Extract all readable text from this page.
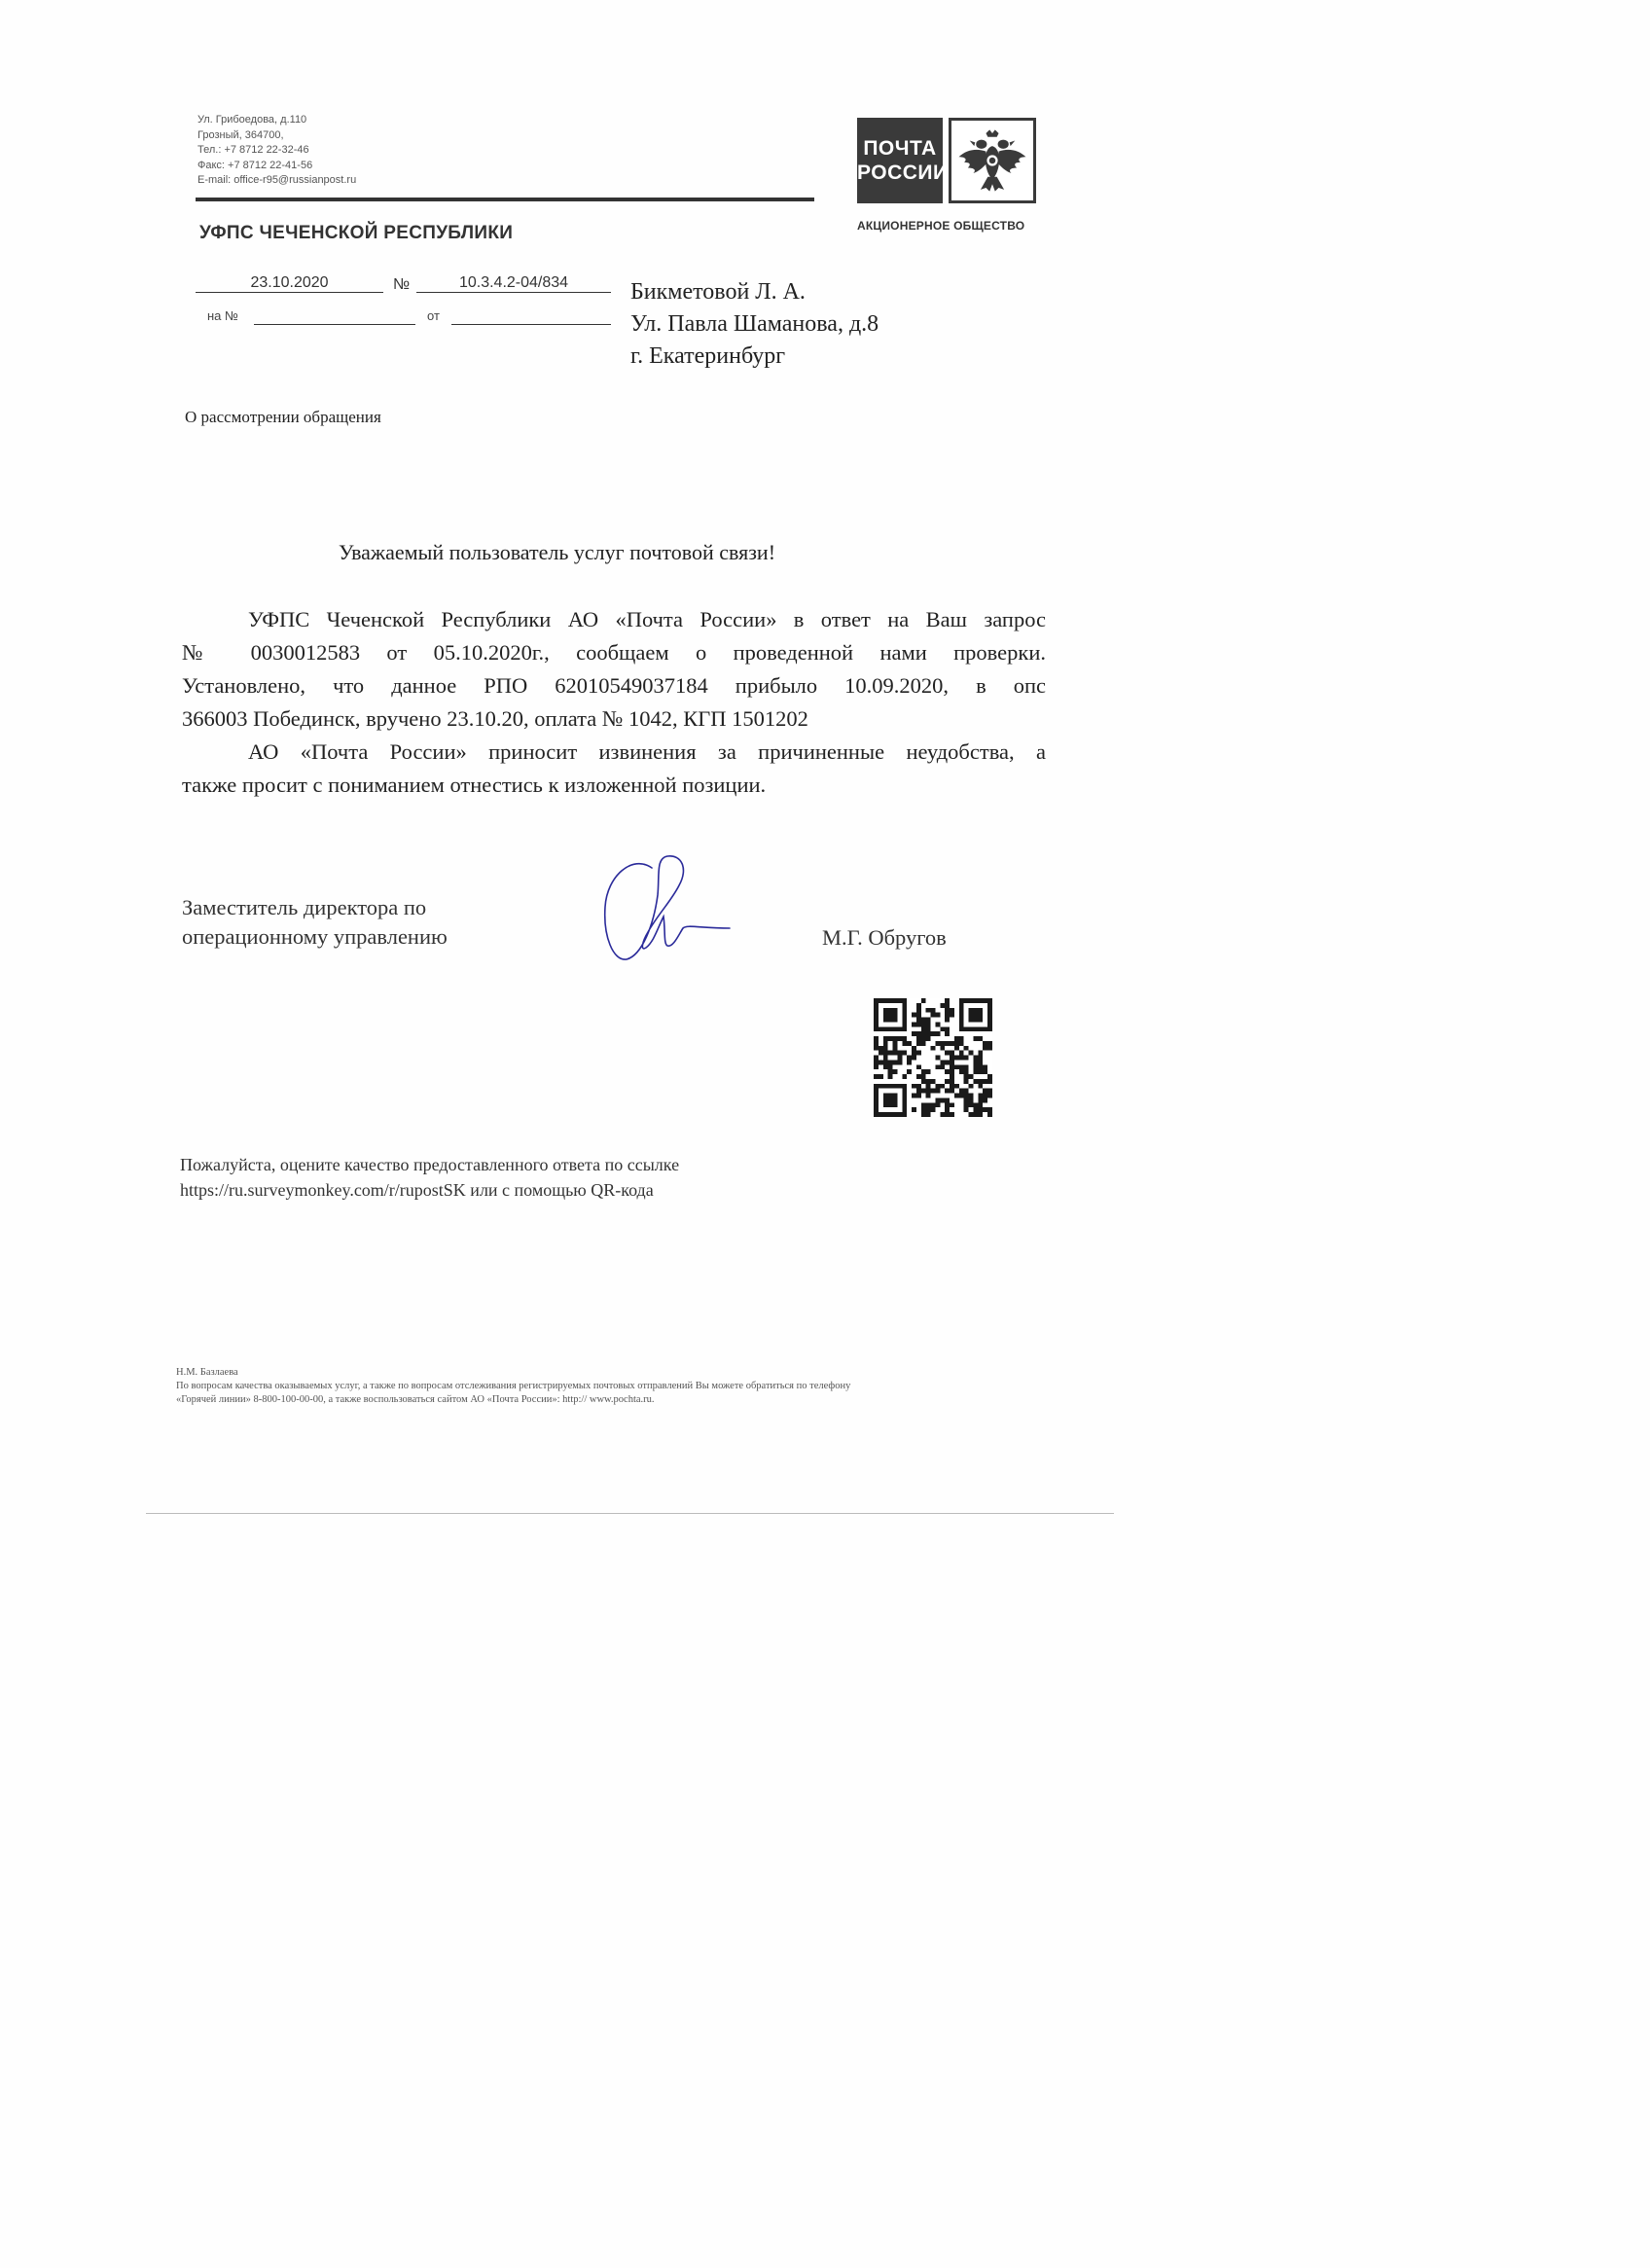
Ул. Грибоедова, д.110
Грозный, 364700,
Тел.: +7 8712 22-32-46
Факс: +7 8712 22-41-56
E-mail: office-r95@russianpost.ru
УФПС ЧЕЧЕНСКОЙ РЕСПУБЛИКИ
ПОЧТА
РОССИИ
АКЦИОНЕРНОЕ ОБЩЕСТВО
23.10.2020	№	10.3.4.2-04/834
на №	от
Бикметовой Л. А.
Ул. Павла Шаманова, д.8
г. Екатеринбург
О рассмотрении обращения
Уважаемый пользователь услуг почтовой связи!

УФПС Чеченской Республики АО «Почта России» в ответ на Ваш запрос
№ 0030012583 от 05.10.2020г., сообщаем о проведенной нами проверки.
Установлено, что данное РПО 62010549037184 прибыло 10.09.2020, в опс
366003 Побединск, вручено 23.10.20, оплата № 1042, КГП 1501202

АО «Почта России» приносит извинения за причиненные неудобства, а
также просит с пониманием отнестись к изложенной позиции.

Заместитель директора по
операционному управлению	М.Г. Обругов
Пожалуйста, оцените качество предоставленного ответа по ссылке
https://ru.surveymonkey.com/r/rupostSK или с помощью QR-кода
Н.М. Базлаева
По вопросам качества оказываемых услуг, а также по вопросам отслеживания регистрируемых почтовых отправлений Вы можете обратиться по телефону
«Горячей линии» 8-800-100-00-00, а также воспользоваться сайтом АО «Почта России»: http:// www.pochta.ru.
